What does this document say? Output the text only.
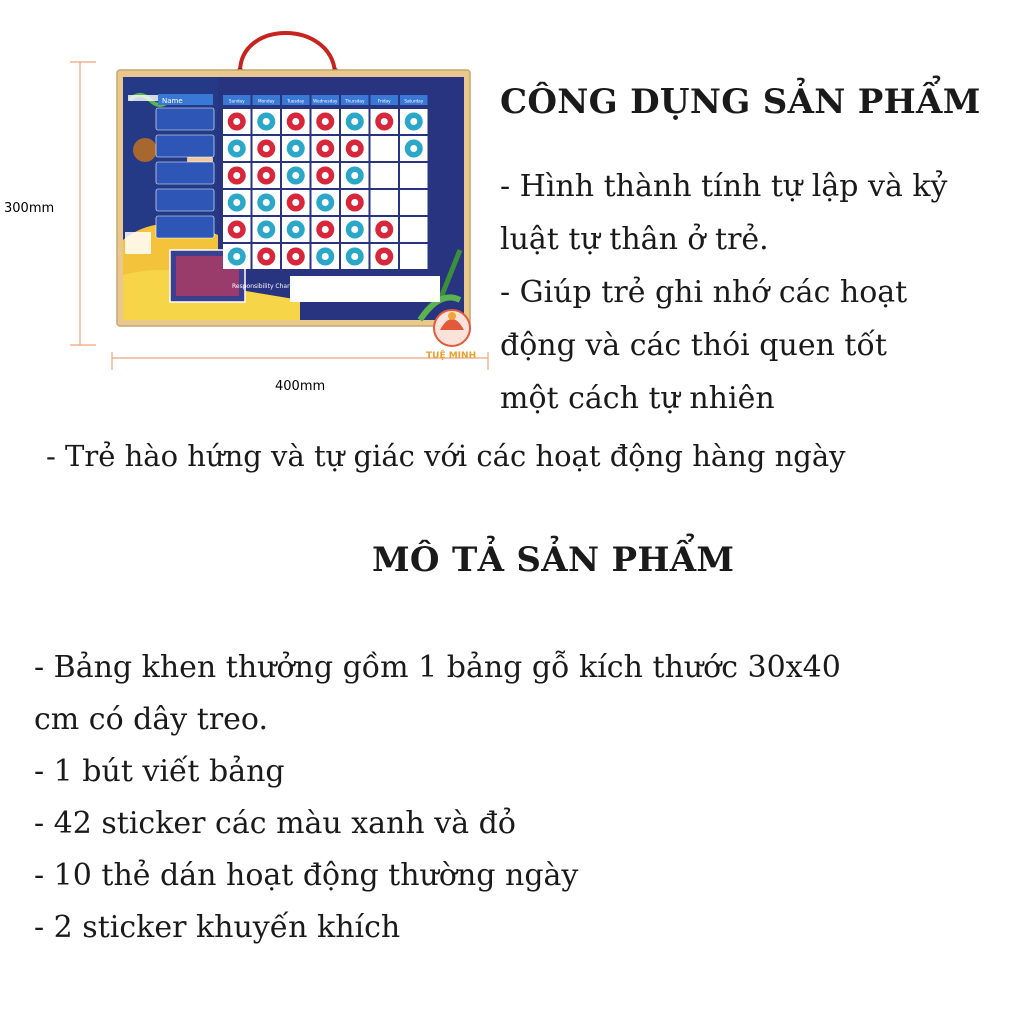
300mm
400mm
Name	Sunday	Monday	Tuesday Wednesday Thursday	Friday	Saturday
Responsibility Chart
TUỆ MINH
CÔNG DỤNG SẢN PHẨM
- Hình thành tính tự lập và kỷ
luật tự thân ở trẻ.
- Giúp trẻ ghi nhớ các hoạt
động và các thói quen tốt
một cách tự nhiên
- Trẻ hào hứng và tự giác với các hoạt động hàng ngày
MÔ TẢ SẢN PHẨM
- Bảng khen thưởng gồm 1 bảng gỗ kích thước 30x40
cm có dây treo.
- 1 bút viết bảng
- 42 sticker các màu xanh và đỏ
- 10 thẻ dán hoạt động thường ngày
- 2 sticker khuyến khích
